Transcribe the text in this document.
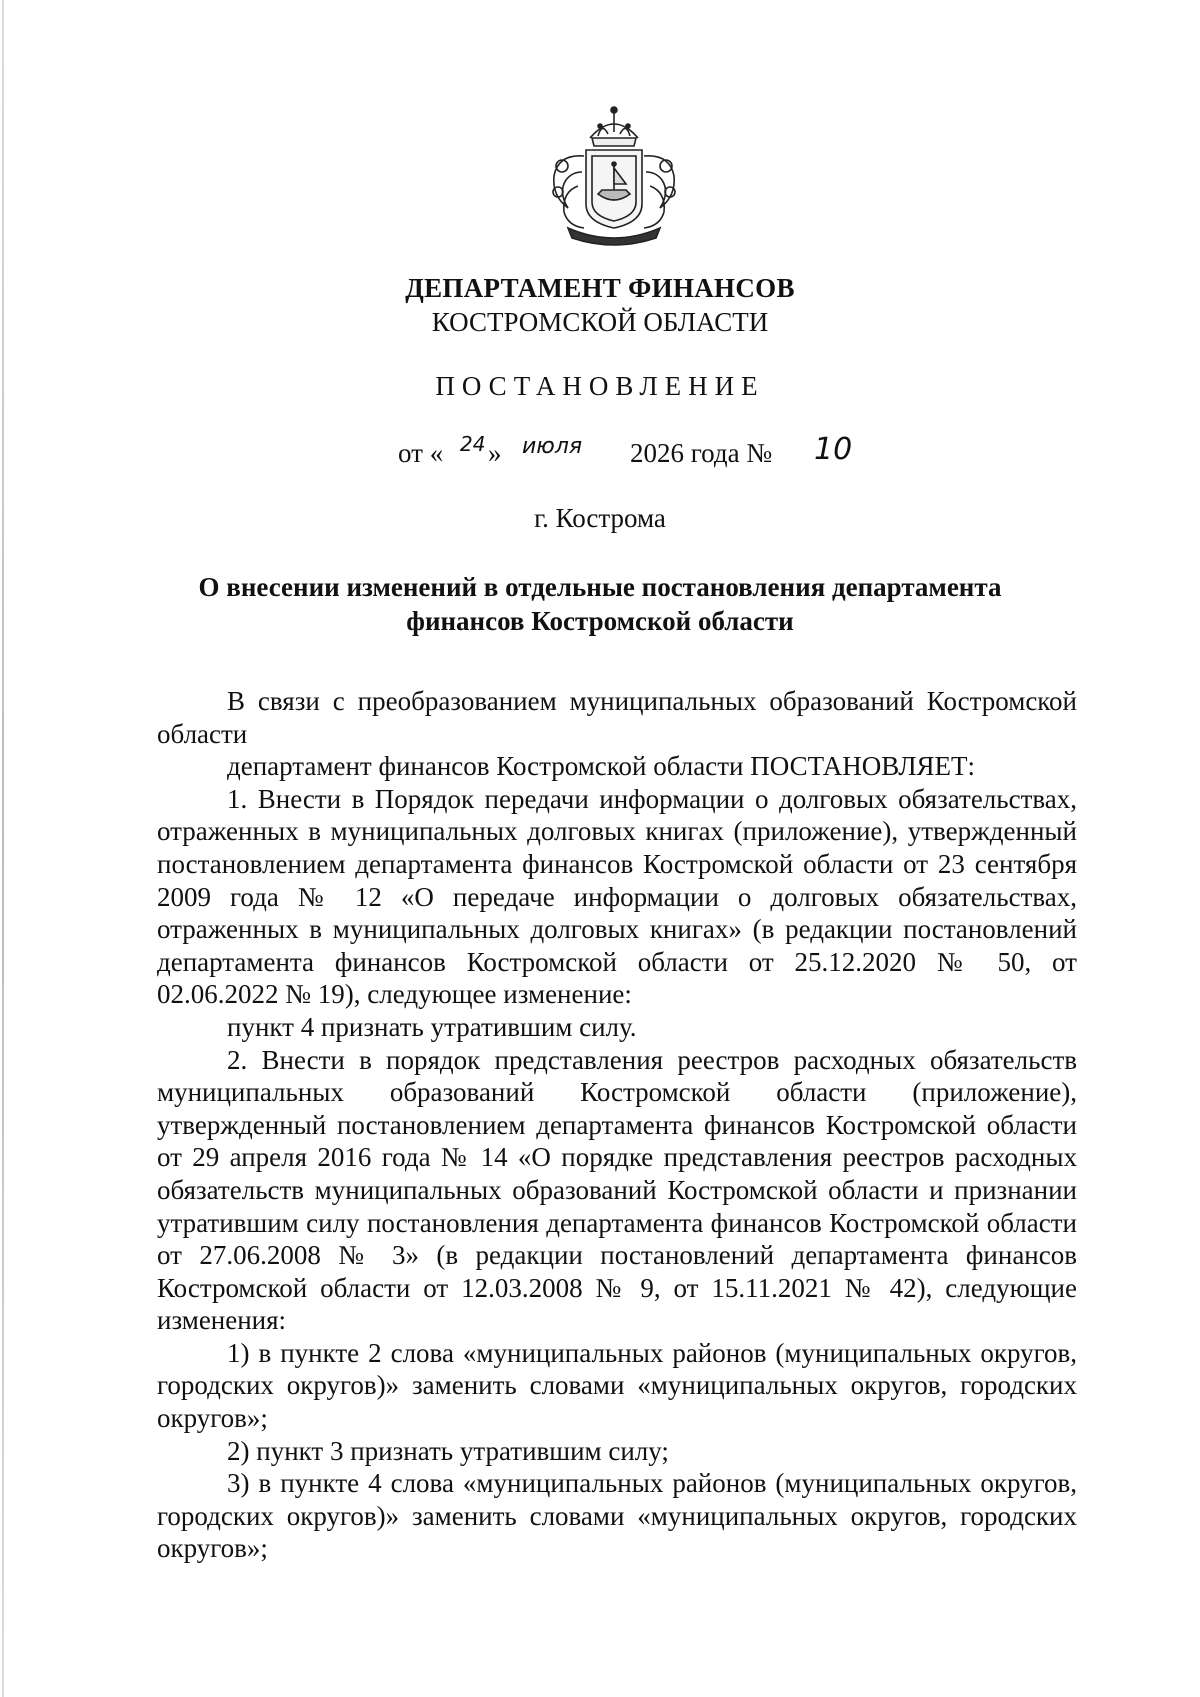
ДЕПАРТАМЕНТ ФИНАНСОВ
КОСТРОМСКОЙ ОБЛАСТИ
ПОСТАНОВЛЕНИЕ
от « 24 » июля 2026 года № 10
г. Кострома
О внесении изменений в отдельные постановления департамента
финансов Костромской области

В связи с преобразованием муниципальных образований Костромской области

департамент финансов Костромской области ПОСТАНОВЛЯЕТ:

1. Внести в Порядок передачи информации о долговых обязательствах, отраженных в муниципальных долговых книгах (приложение), утвержденный постановлением департамента финансов Костромской области от 23 сентября 2009 года № 12 «О передаче информации о долговых обязательствах, отраженных в муниципальных долговых книгах» (в редакции постановлений департамента финансов Костромской области от 25.12.2020 № 50, от 02.06.2022 № 19), следующее изменение:

пункт 4 признать утратившим силу.

2. Внести в порядок представления реестров расходных обязательств муниципальных образований Костромской области (приложение), утвержденный постановлением департамента финансов Костромской области от 29 апреля 2016 года № 14 «О порядке представления реестров расходных обязательств муниципальных образований Костромской области и признании утратившим силу постановления департамента финансов Костромской области от 27.06.2008 № 3» (в редакции постановлений департамента финансов Костромской области от 12.03.2008 № 9, от 15.11.2021 № 42), следующие изменения:

1) в пункте 2 слова «муниципальных районов (муниципальных округов, городских округов)» заменить словами «муниципальных округов, городских округов»;

2) пункт 3 признать утратившим силу;

3) в пункте 4 слова «муниципальных районов (муниципальных округов, городских округов)» заменить словами «муниципальных округов, городских округов»;
